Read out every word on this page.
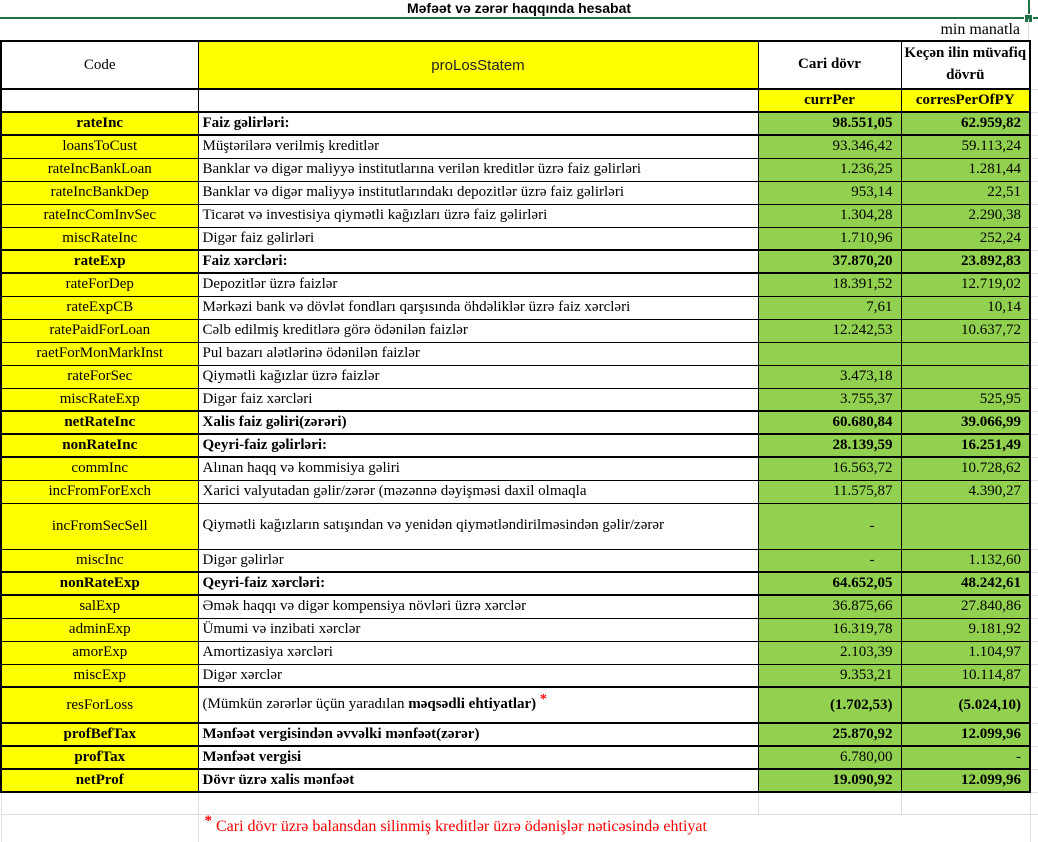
Məfəət və zərər haqqında hesabat
min manatla
Code	proLosStatem	Cari dövr	Keçən ilin müvafiq dövrü	
		currPer	corresPerOfPY	
rateInc	Faiz gəlirləri:	98.551,05	62.959,82	
loansToCust	Müştərilərə verilmiş kreditlər	93.346,42	59.113,24	
rateIncBankLoan	Banklar və digər maliyyə institutlarına verilən kreditlər üzrə faiz gəlirləri	1.236,25	1.281,44	
rateIncBankDep	Banklar və digər maliyyə institutlarındakı depozitlər üzrə faiz gəlirləri	953,14	22,51	
rateIncComInvSec	Ticarət və investisiya qiymətli kağızları üzrə faiz gəlirləri	1.304,28	2.290,38	
miscRateInc	Digər faiz gəlirləri	1.710,96	252,24	
rateExp	Faiz xərcləri:	37.870,20	23.892,83	
rateForDep	Depozitlər üzrə faizlər	18.391,52	12.719,02	
rateExpCB	Mərkəzi bank və dövlət fondları qarşısında öhdəliklər üzrə faiz xərcləri	7,61	10,14	
ratePaidForLoan	Cəlb edilmiş kreditlərə görə ödənilən faizlər	12.242,53	10.637,72	
raetForMonMarkInst	Pul bazarı alətlərinə ödənilən faizlər			
rateForSec	Qiymətli kağızlar üzrə faizlər	3.473,18		
miscRateExp	Digər faiz xərcləri	3.755,37	525,95	
netRateInc	Xalis faiz gəliri(zərəri)	60.680,84	39.066,99	
nonRateInc	Qeyri-faiz gəlirləri:	28.139,59	16.251,49	
commInc	Alınan haqq və kommisiya gəliri	16.563,72	10.728,62	
incFromForExch	Xarici valyutadan gəlir/zərər (məzənnə dəyişməsi daxil olmaqla	11.575,87	4.390,27	
incFromSecSell	Qiymətli kağızların satışından və yenidən qiymətləndirilməsindən gəlir/zərər	-		
miscInc	Digər gəlirlər	-	1.132,60	
nonRateExp	Qeyri-faiz xərcləri:	64.652,05	48.242,61	
salExp	Əmək haqqı və digər kompensiya növləri üzrə xərclər	36.875,66	27.840,86	
adminExp	Ümumi və inzibati xərclər	16.319,78	9.181,92	
amorExp	Amortizasiya xərcləri	2.103,39	1.104,97	
miscExp	Digər xərclər	9.353,21	10.114,87	
resForLoss	(Mümkün zərərlər üçün yaradılan məqsədli ehtiyatlar) *	(1.702,53)	(5.024,10)	
profBefTax	Mənfəət vergisindən əvvəlki mənfəət(zərər)	25.870,92	12.099,96	
profTax	Mənfəət vergisi	6.780,00	-	
netProf	Dövr üzrə xalis mənfəət	19.090,92	12.099,96	

	* Cari dövr üzrə balansdan silinmiş kreditlər üzrə ödənişlər nəticəsində ehtiyat			
